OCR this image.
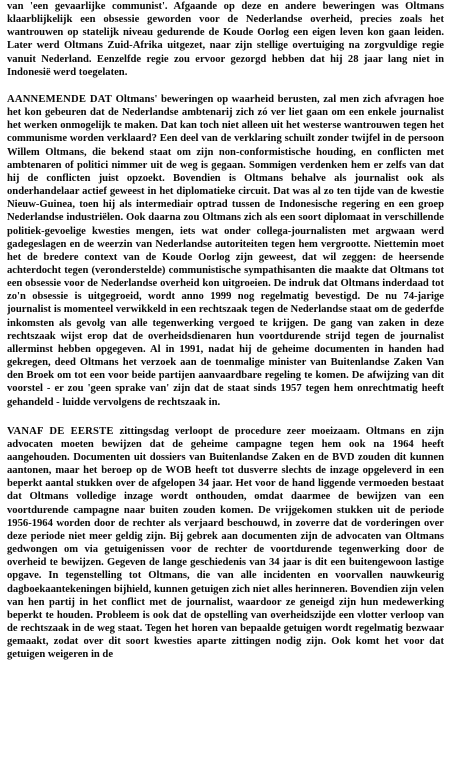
van 'een gevaarlijke communist'. Afgaande op deze en andere beweringen was Oltmans klaarblijkelijk een obsessie geworden voor de Nederlandse overheid, precies zoals het wantrouwen op statelijk niveau gedurende de Koude Oorlog een eigen leven kon gaan leiden. Later werd Oltmans Zuid-Afrika uitgezet, naar zijn stellige overtuiging na zorgvuldige regie vanuit Nederland. Eenzelfde regie zou ervoor gezorgd hebben dat hij 28 jaar lang niet in Indonesië werd toegelaten.

AANNEMENDE DAT Oltmans' beweringen op waarheid berusten, zal men zich afvragen hoe het kon gebeuren dat de Nederlandse ambtenarij zich zó ver liet gaan om een enkele journalist het werken onmogelijk te maken. Dat kan toch niet alleen uit het westerse wantrouwen tegen het communisme worden verklaard? Een deel van de verklaring schuilt zonder twijfel in de persoon Willem Oltmans, die bekend staat om zijn non-conformistische houding, en conflicten met ambtenaren of politici nimmer uit de weg is gegaan. Sommigen verdenken hem er zelfs van dat hij de conflicten juist opzoekt. Bovendien is Oltmans behalve als journalist ook als onderhandelaar actief geweest in het diplomatieke circuit. Dat was al zo ten tijde van de kwestie Nieuw-Guinea, toen hij als intermediair optrad tussen de Indonesische regering en een groep Nederlandse industriëlen. Ook daarna zou Oltmans zich als een soort diplomaat in verschillende politiek-gevoelige kwesties mengen, iets wat onder collega-journalisten met argwaan werd gadegeslagen en de weerzin van Nederlandse autoriteiten tegen hem vergrootte. Niettemin moet het de bredere context van de Koude Oorlog zijn geweest, dat wil zeggen: de heersende achterdocht tegen (veronderstelde) communistische sympathisanten die maakte dat Oltmans tot een obsessie voor de Nederlandse overheid kon uitgroeien. De indruk dat Oltmans inderdaad tot zo'n obsessie is uitgegroeid, wordt anno 1999 nog regelmatig bevestigd. De nu 74-jarige journalist is momenteel verwikkeld in een rechtszaak tegen de Nederlandse staat om de gederfde inkomsten als gevolg van alle tegenwerking vergoed te krijgen. De gang van zaken in deze rechtszaak wijst erop dat de overheidsdienaren hun voortdurende strijd tegen de journalist allerminst hebben opgegeven. Al in 1991, nadat hij de geheime documenten in handen had gekregen, deed Oltmans het verzoek aan de toenmalige minister van Buitenlandse Zaken Van den Broek om tot een voor beide partijen aanvaardbare regeling te komen. De afwijzing van dit voorstel - er zou 'geen sprake van' zijn dat de staat sinds 1957 tegen hem onrechtmatig heeft gehandeld - luidde vervolgens de rechtszaak in.

VANAF DE EERSTE zittingsdag verloopt de procedure zeer moeizaam. Oltmans en zijn advocaten moeten bewijzen dat de geheime campagne tegen hem ook na 1964 heeft aangehouden. Documenten uit dossiers van Buitenlandse Zaken en de BVD zouden dit kunnen aantonen, maar het beroep op de WOB heeft tot dusverre slechts de inzage opgeleverd in een beperkt aantal stukken over de afgelopen 34 jaar. Het voor de hand liggende vermoeden bestaat dat Oltmans volledige inzage wordt onthouden, omdat daarmee de bewijzen van een voortdurende campagne naar buiten zouden komen. De vrijgekomen stukken uit de periode 1956-1964 worden door de rechter als verjaard beschouwd, in zoverre dat de vorderingen over deze periode niet meer geldig zijn. Bij gebrek aan documenten zijn de advocaten van Oltmans gedwongen om via getuigenissen voor de rechter de voortdurende tegenwerking door de overheid te bewijzen. Gegeven de lange geschiedenis van 34 jaar is dit een buitengewoon lastige opgave. In tegenstelling tot Oltmans, die van alle incidenten en voorvallen nauwkeurig dagboekaantekeningen bijhield, kunnen getuigen zich niet alles herinneren. Bovendien zijn velen van hen partij in het conflict met de journalist, waardoor ze geneigd zijn hun medewerking beperkt te houden. Probleem is ook dat de opstelling van overheidszijde een vlotter verloop van de rechtszaak in de weg staat. Tegen het horen van bepaalde getuigen wordt regelmatig bezwaar gemaakt, zodat over dit soort kwesties aparte zittingen nodig zijn. Ook komt het voor dat getuigen weigeren in de
